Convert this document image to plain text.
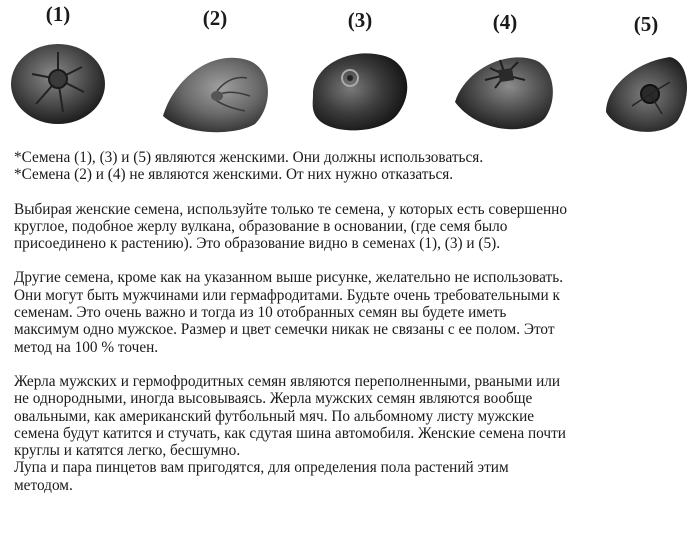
(1)	(2)	(3)	(4)	(5)

*Семена (1), (3) и (5) являются женскими. Они должны использоваться.

*Семена (2) и (4) не являются женскими. От них нужно отказаться.

Выбирая женские семена, используйте только те семена, у которых есть совершенно

круглое, подобное жерлу вулкана, образование в основании, (где семя было

присоединено к растению). Это образование видно в семенах (1), (3) и (5).

Другие семена, кроме как на указанном выше рисунке, желательно не использовать.

Они могут быть мужчинами или гермафродитами. Будьте очень требовательными к

семенам. Это очень важно и тогда из 10 отобранных семян вы будете иметь

максимум одно мужское. Размер и цвет семечки никак не связаны с ее полом. Этот

метод на 100 % точен.

Жерла мужских и гермофродитных семян являются переполненными, рваными или

не однородными, иногда высовываясь. Жерла мужских семян являются вообще

овальными, как американский футбольный мяч. По альбомному листу мужские

семена будут катится и стучать, как сдутая шина автомобиля. Женские семена почти

круглы и катятся легко, бесшумно.

Лупа и пара пинцетов вам пригодятся, для определения пола растений этим

методом.
